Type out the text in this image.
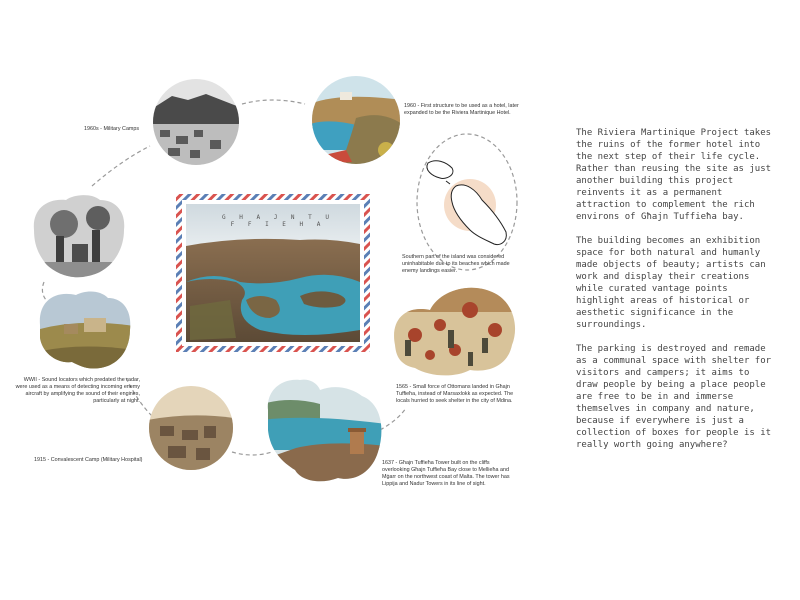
1960s - Military Camps
1960 - First structure to be used as a hotel, later expanded to be the Riviera Martinique Hotel.
Southern part of the island was considered uninhabitable due to its beaches which made enemy landings easier.
1565 - Small force of Ottomans landed in Għajn Tuffieħa, instead of Marsaxlokk as expected. The locals hurried to seek shelter in the city of Mdina.
1637 - Għajn Tuffieħa Tower built on the cliffs overlooking Għajn Tuffieħa Bay close to Mellieħa and Mġarr on the northwest coast of Malta. The tower has Lippija and Nadur Towers in its line of sight.
1915 - Convalescent Camp (Military Hospital)
WWII - Sound locators which predated the radar, were used as a means of detecting incoming enemy aircraft by amplifying the sound of their engines, particularly at night.
G H A J N T U F F I E H A

The Riviera Martinique Project takes the ruins of the former hotel into the next step of their life cycle. Rather than reusing the site as just another building this project reinvents it as a permanent attraction to complement the rich environs of Għajn Tuffieħa bay.

The building becomes an exhibition space for both natural and humanly made objects of beauty; artists can work and display their creations while curated vantage points highlight areas of historical or aesthetic significance in the surroundings.

The parking is destroyed and remade as a communal space with shelter for visitors and campers; it aims to draw people by being a place people are free to be in and immerse themselves in company and nature, because if everywhere is just a collection of boxes for people is it really worth going anywhere?
